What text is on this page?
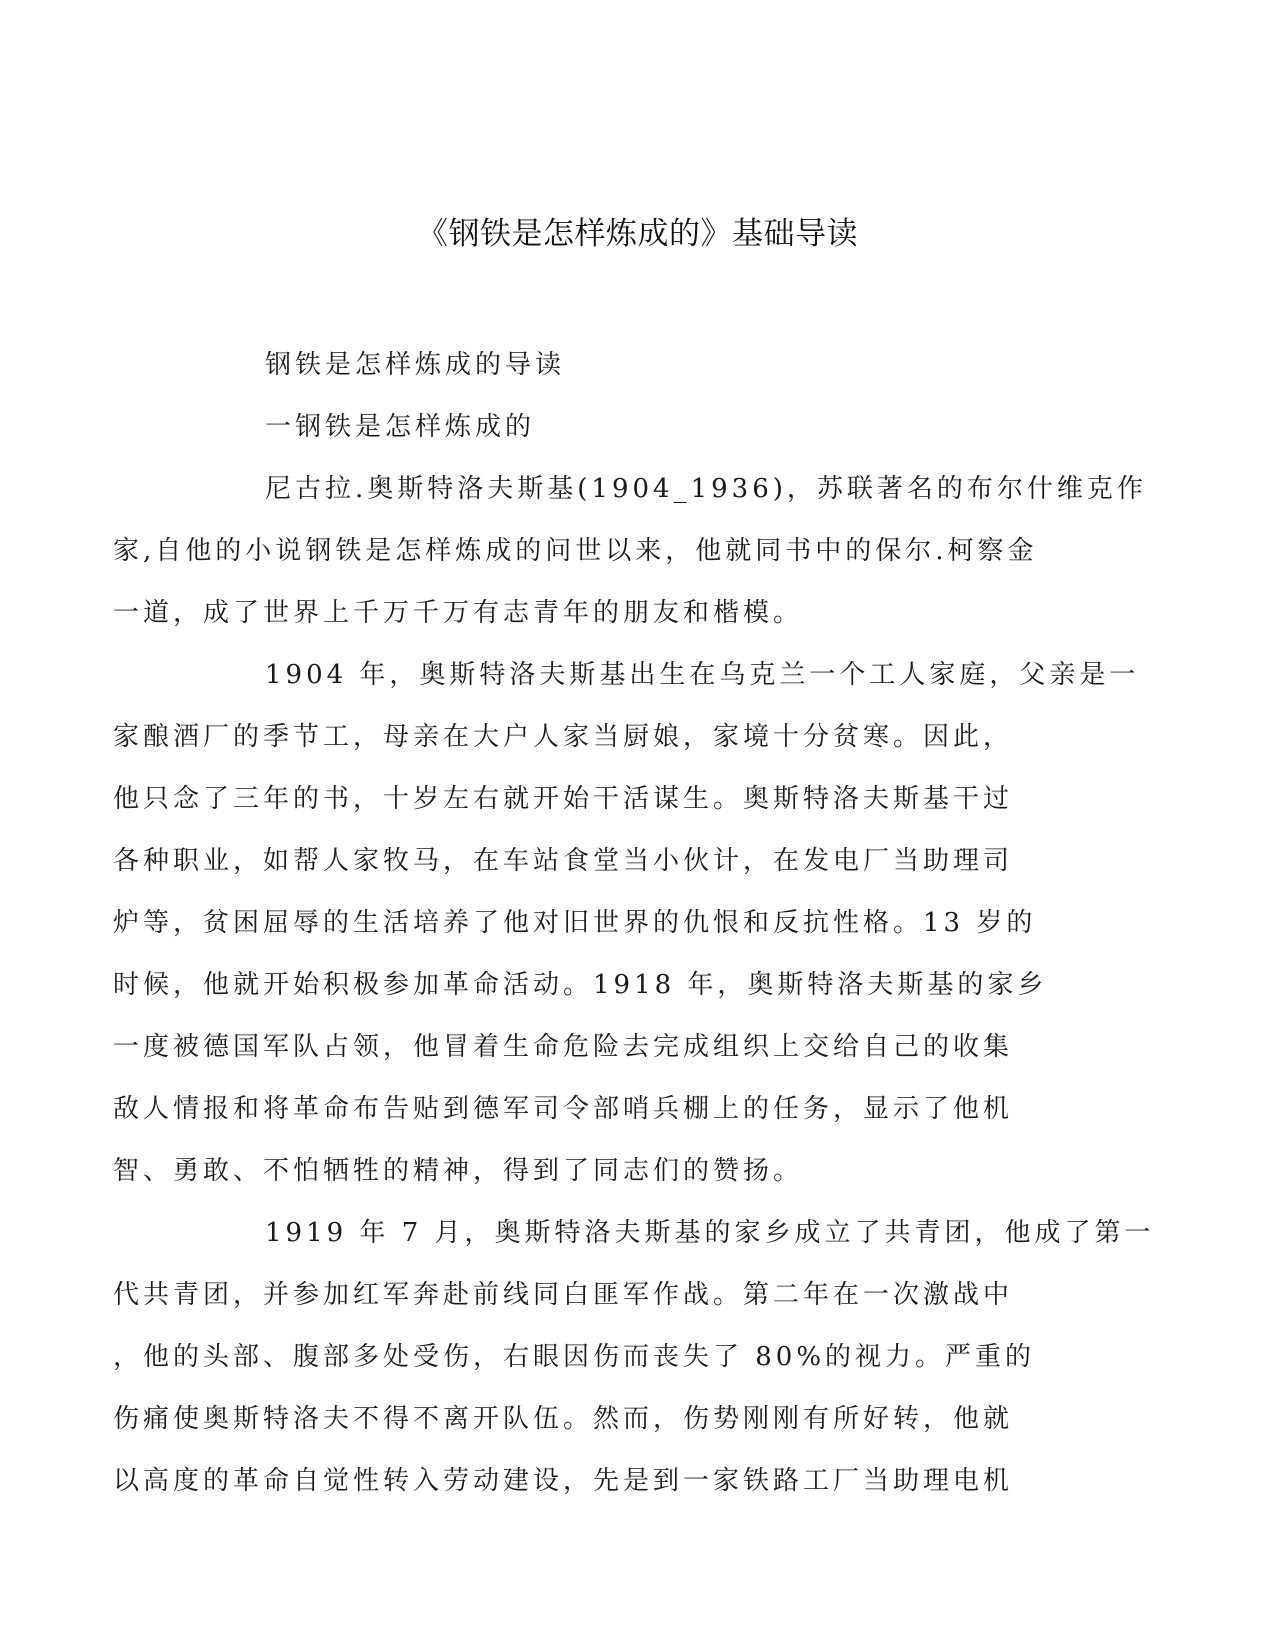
《钢铁是怎样炼成的》基础导读

钢铁是怎样炼成的导读

一钢铁是怎样炼成的

尼古拉.奥斯特洛夫斯基(1904_1936)，苏联著名的布尔什维克作
家,自他的小说钢铁是怎样炼成的问世以来，他就同书中的保尔.柯察金
一道，成了世界上千万千万有志青年的朋友和楷模。

1904 年，奥斯特洛夫斯基出生在乌克兰一个工人家庭，父亲是一
家酿酒厂的季节工，母亲在大户人家当厨娘，家境十分贫寒。因此，
他只念了三年的书，十岁左右就开始干活谋生。奥斯特洛夫斯基干过
各种职业，如帮人家牧马，在车站食堂当小伙计，在发电厂当助理司
炉等，贫困屈辱的生活培养了他对旧世界的仇恨和反抗性格。13 岁的
时候，他就开始积极参加革命活动。1918 年，奥斯特洛夫斯基的家乡
一度被德国军队占领，他冒着生命危险去完成组织上交给自己的收集
敌人情报和将革命布告贴到德军司令部哨兵棚上的任务，显示了他机
智、勇敢、不怕牺牲的精神，得到了同志们的赞扬。

1919 年 7 月，奥斯特洛夫斯基的家乡成立了共青团，他成了第一
代共青团，并参加红军奔赴前线同白匪军作战。第二年在一次激战中
，他的头部、腹部多处受伤，右眼因伤而丧失了 80%的视力。严重的
伤痛使奥斯特洛夫不得不离开队伍。然而，伤势刚刚有所好转，他就
以高度的革命自觉性转入劳动建设，先是到一家铁路工厂当助理电机
